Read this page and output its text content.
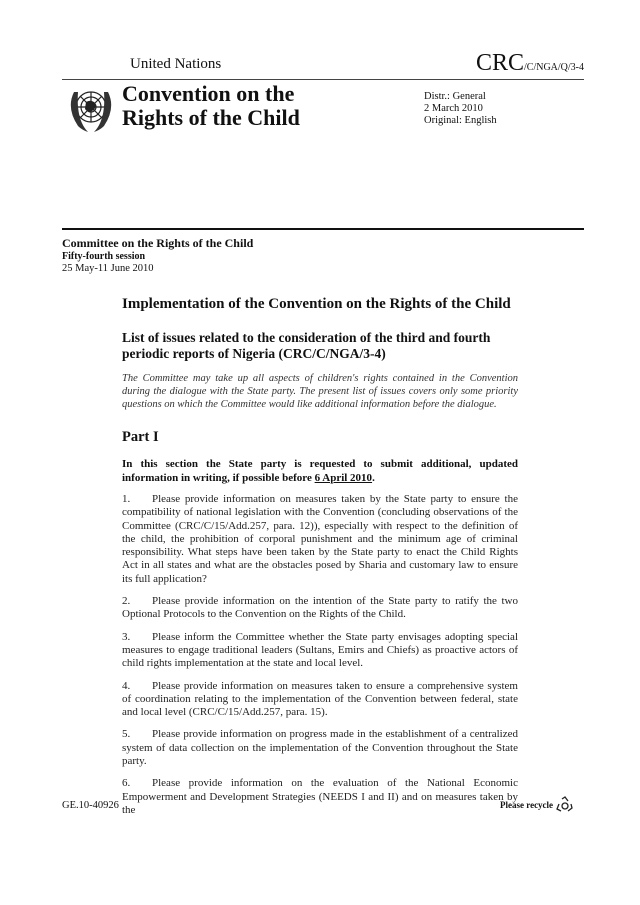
United Nations	CRC/C/NGA/Q/3-4
Convention on the
Rights of the Child
Distr.: General
2 March 2010
Original: English
Committee on the Rights of the Child
Fifty-fourth session
25 May-11 June 2010
Implementation of the Convention on the Rights of the Child
List of issues related to the consideration of the third and fourth periodic reports of Nigeria (CRC/C/NGA/3-4)

The Committee may take up all aspects of children's rights contained in the Convention during the dialogue with the State party. The present list of issues covers only some priority questions on which the Committee would like additional information before the dialogue.

Part I

In this section the State party is requested to submit additional, updated information in writing, if possible before 6 April 2010.

1. Please provide information on measures taken by the State party to ensure the compatibility of national legislation with the Convention (concluding observations of the Committee (CRC/C/15/Add.257, para. 12)), especially with respect to the definition of the child, the prohibition of corporal punishment and the minimum age of criminal responsibility. What steps have been taken by the State party to enact the Child Rights Act in all states and what are the obstacles posed by Sharia and customary law to ensure its full application?

2. Please provide information on the intention of the State party to ratify the two Optional Protocols to the Convention on the Rights of the Child.

3. Please inform the Committee whether the State party envisages adopting special measures to engage traditional leaders (Sultans, Emirs and Chiefs) as proactive actors of child rights implementation at the state and local level.

4. Please provide information on measures taken to ensure a comprehensive system of coordination relating to the implementation of the Convention between federal, state and local level (CRC/C/15/Add.257, para. 15).

5. Please provide information on progress made in the establishment of a centralized system of data collection on the implementation of the Convention throughout the State party.

6. Please provide information on the evaluation of the National Economic Empowerment and Development Strategies (NEEDS I and II) and on measures taken by the

GE.10-40926	Please recycle
